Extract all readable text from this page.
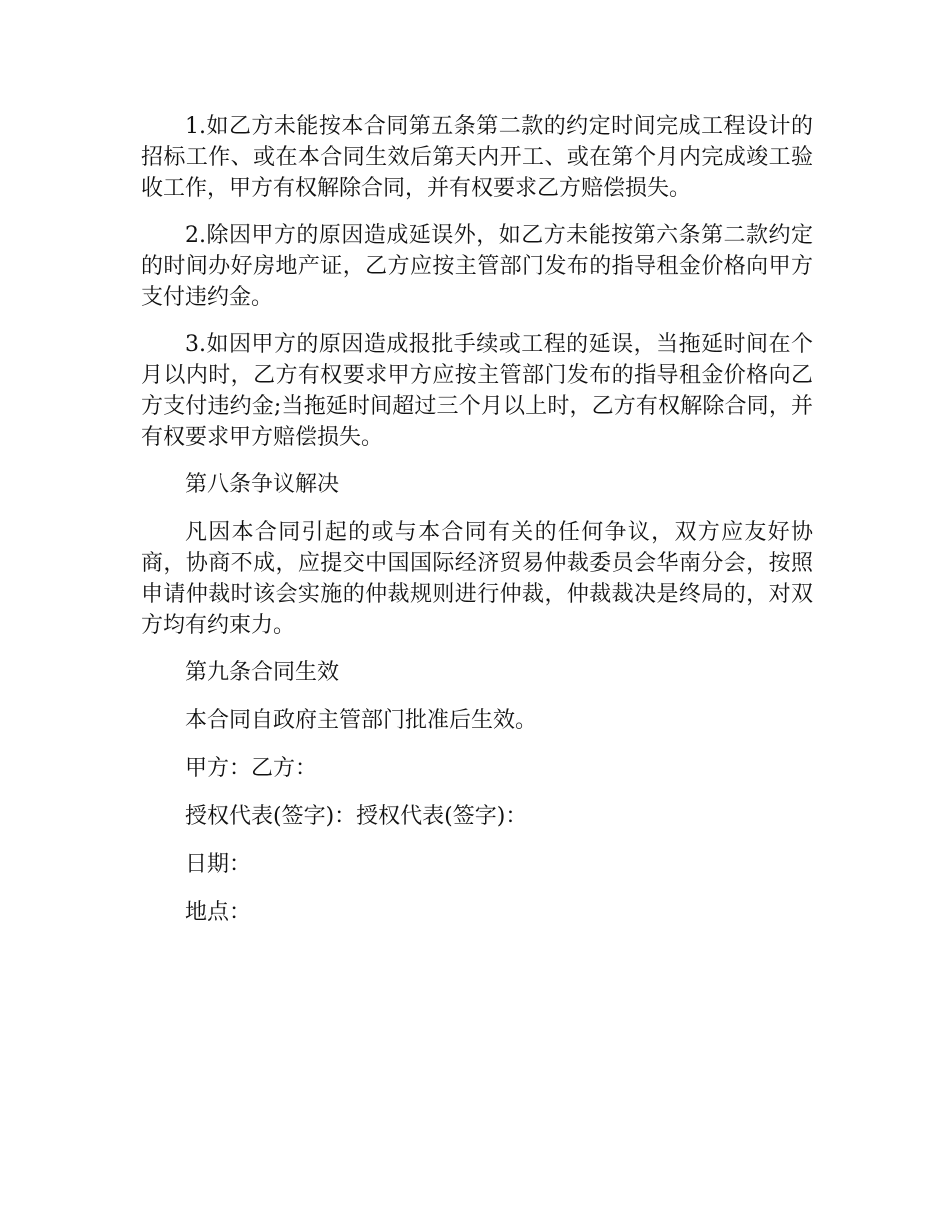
1.如乙方未能按本合同第五条第二款的约定时间完成工程设计的招标工作、或在本合同生效后第天内开工、或在第个月内完成竣工验收工作，甲方有权解除合同，并有权要求乙方赔偿损失。

2.除因甲方的原因造成延误外，如乙方未能按第六条第二款约定的时间办好房地产证，乙方应按主管部门发布的指导租金价格向甲方支付违约金。

3.如因甲方的原因造成报批手续或工程的延误，当拖延时间在个月以内时，乙方有权要求甲方应按主管部门发布的指导租金价格向乙方支付违约金;当拖延时间超过三个月以上时，乙方有权解除合同，并有权要求甲方赔偿损失。

第八条争议解决

凡因本合同引起的或与本合同有关的任何争议，双方应友好协商，协商不成，应提交中国国际经济贸易仲裁委员会华南分会，按照申请仲裁时该会实施的仲裁规则进行仲裁，仲裁裁决是终局的，对双方均有约束力。

第九条合同生效

本合同自政府主管部门批准后生效。

甲方：乙方：

授权代表(签字)：授权代表(签字)：

日期：

地点：
